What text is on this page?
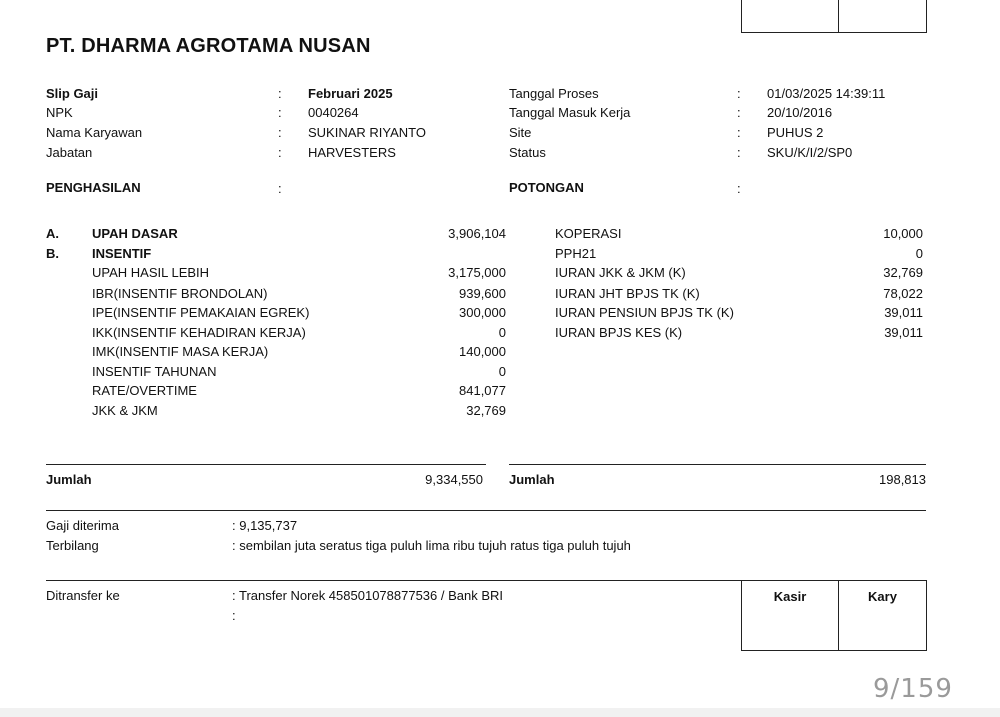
PT. DHARMA AGROTAMA NUSAN
Slip Gaji	: Februari 2025
NPK	: 0040264
Nama Karyawan	: SUKINAR RIYANTO
Jabatan	: HARVESTERS
Tanggal Proses	: 01/03/2025 14:39:11
Tanggal Masuk Kerja	: 20/10/2016
Site	: PUHUS 2
Status	: SKU/K/I/2/SP0
PENGHASILAN	:	POTONGAN	:
A.	UPAH DASAR	3,906,104
B.	INSENTIF
UPAH HASIL LEBIH	3,175,000
IBR(INSENTIF BRONDOLAN)	939,600
IPE(INSENTIF PEMAKAIAN EGREK)	300,000
IKK(INSENTIF KEHADIRAN KERJA)	0
IMK(INSENTIF MASA KERJA)	140,000
INSENTIF TAHUNAN	0
RATE/OVERTIME	841,077
JKK & JKM	32,769
KOPERASI	10,000
PPH21	0
IURAN JKK & JKM (K)	32,769
IURAN JHT BPJS TK (K)	78,022
IURAN PENSIUN BPJS TK (K)	39,011
IURAN BPJS KES (K)	39,011
Jumlah	9,334,550 Jumlah	198,813
Gaji diterima	: 9,135,737
Terbilang	: sembilan juta seratus tiga puluh lima ribu tujuh ratus tiga puluh tujuh
Ditransfer ke	: Transfer Norek 458501078877536 / Bank BRI
:
Kasir	Kary
9/159
